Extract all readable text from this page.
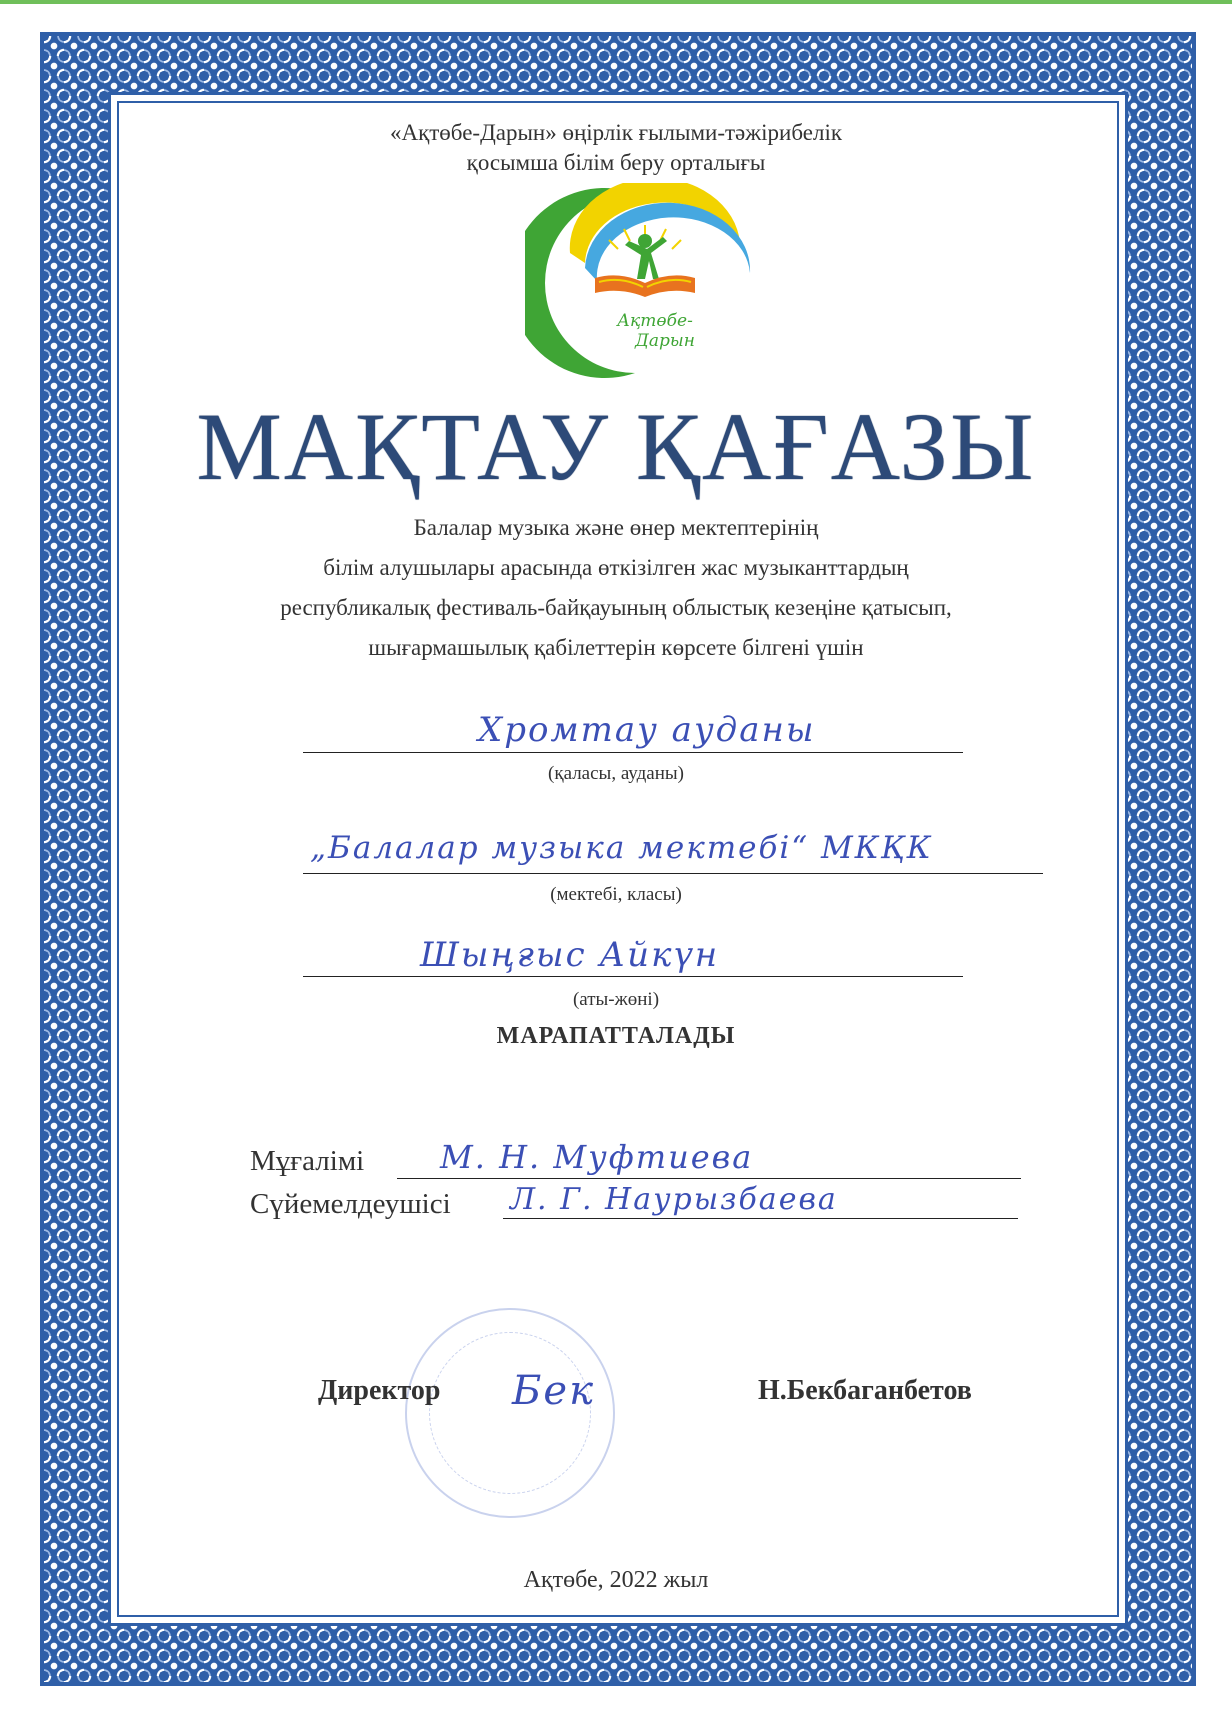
«Ақтөбе-Дарын» өңірлік ғылыми-тәжірибелік
қосымша білім беру орталығы
Ақтөбе-
Дарын
МАҚТАУ ҚАҒАЗЫ
Балалар музыка және өнер мектептерінің
білім алушылары арасында өткізілген жас музыканттардың
республикалық фестиваль-байқауының облыстық кезеңіне қатысып,
шығармашылық қабілеттерін көрсете білгені үшін
Хромтау ауданы
(қаласы, ауданы)
„Балалар музыка мектебі“ МКҚК
(мектебі, класы)
Шыңғыс Айкүн
(аты-жөні)
МАРАПАТТАЛАДЫ
Мұғалімі М. Н. Муфтиева
Сүйемелдеушісі Л. Г. Наурызбаева
Директор Бек	Н.Бекбаганбетов
Ақтөбе, 2022 жыл
